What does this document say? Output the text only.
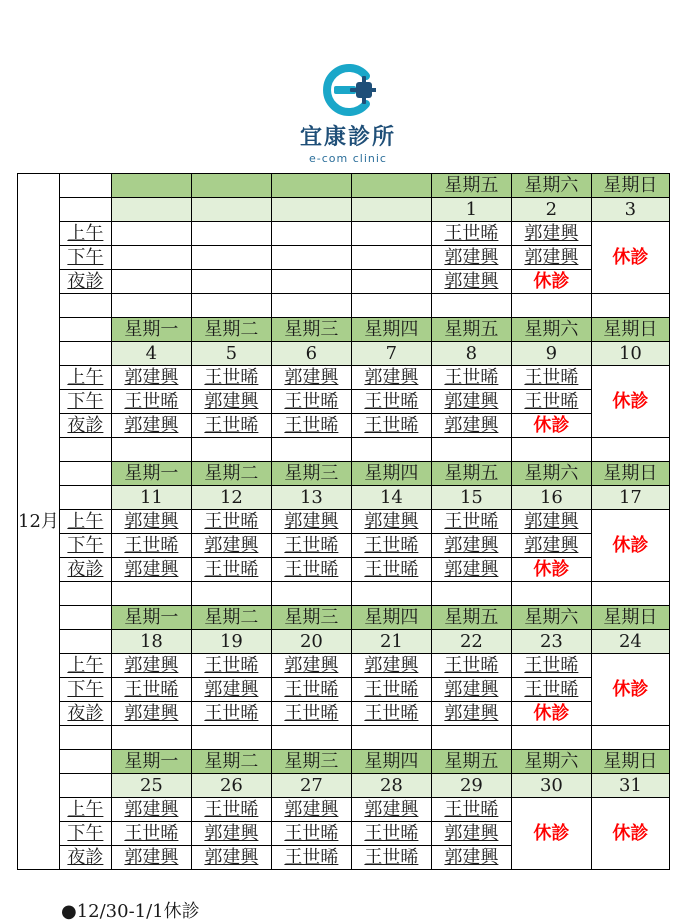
宜康診所
e-com clinic
12月						星期五	星期六	星期日
						1	2	3
	上午					王世晞	郭建興	休診
	下午					郭建興	郭建興	
	夜診					郭建興	休診	

		星期一	星期二	星期三	星期四	星期五	星期六	星期日
		4	5	6	7	8	9	10
	上午	郭建興	王世晞	郭建興	郭建興	王世晞	王世晞	休診
	下午	王世晞	郭建興	王世晞	王世晞	郭建興	王世晞	
	夜診	郭建興	王世晞	王世晞	王世晞	郭建興	休診	

		星期一	星期二	星期三	星期四	星期五	星期六	星期日
		11	12	13	14	15	16	17
	上午	郭建興	王世晞	郭建興	郭建興	王世晞	郭建興	休診
	下午	王世晞	郭建興	王世晞	王世晞	郭建興	郭建興	
	夜診	郭建興	王世晞	王世晞	王世晞	郭建興	休診	

		星期一	星期二	星期三	星期四	星期五	星期六	星期日
		18	19	20	21	22	23	24
	上午	郭建興	王世晞	郭建興	郭建興	王世晞	王世晞	休診
	下午	王世晞	郭建興	王世晞	王世晞	郭建興	王世晞	
	夜診	郭建興	王世晞	王世晞	王世晞	郭建興	休診	

		星期一	星期二	星期三	星期四	星期五	星期六	星期日
		25	26	27	28	29	30	31
	上午	郭建興	王世晞	郭建興	郭建興	王世晞	休診	休診
	下午	王世晞	郭建興	王世晞	王世晞	郭建興		
	夜診	郭建興	郭建興	王世晞	王世晞	郭建興		
●12/30-1/1休診
